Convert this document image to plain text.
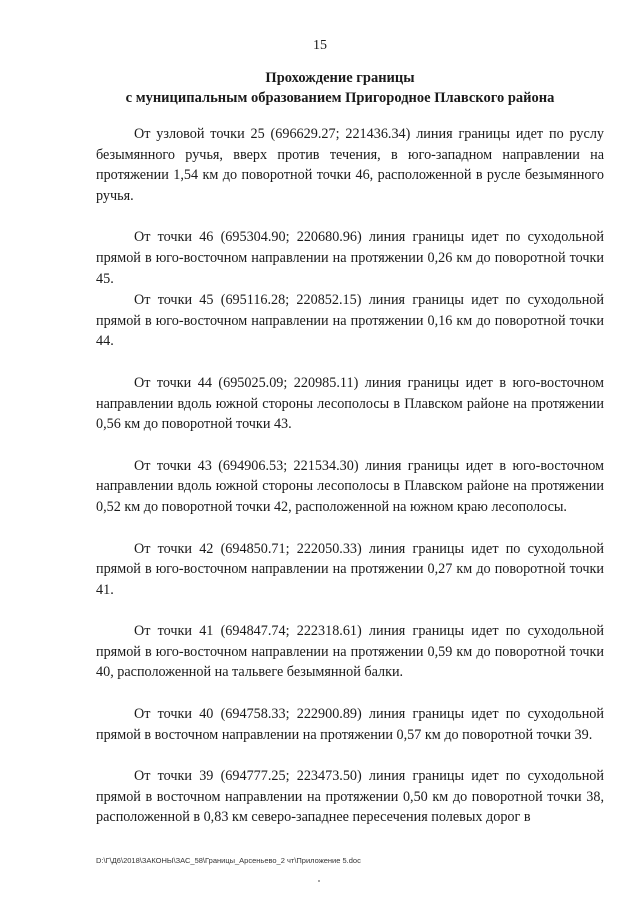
15
Прохождение границы
с муниципальным образованием Пригородное Плавского района

От узловой точки 25 (696629.27; 221436.34) линия границы идет по руслу безымянного ручья, вверх против течения, в юго-западном направлении на протяжении 1,54 км до поворотной точки 46, расположенной в русле безымянного ручья.

От точки 46 (695304.90; 220680.96) линия границы идет по суходольной прямой в юго-восточном направлении на протяжении 0,26 км до поворотной точки 45.

От точки 45 (695116.28; 220852.15) линия границы идет по суходольной прямой в юго-восточном направлении на протяжении 0,16 км до поворотной точки 44.

От точки 44 (695025.09; 220985.11) линия границы идет в юго-восточном направлении вдоль южной стороны лесополосы в Плавском районе на протяжении 0,56 км до поворотной точки 43.

От точки 43 (694906.53; 221534.30) линия границы идет в юго-восточном направлении вдоль южной стороны лесополосы в Плавском районе на протяжении 0,52 км до поворотной точки 42, расположенной на южном краю лесополосы.

От точки 42 (694850.71; 222050.33) линия границы идет по суходольной прямой в юго-восточном направлении на протяжении 0,27 км до поворотной точки 41.

От точки 41 (694847.74; 222318.61) линия границы идет по суходольной прямой в юго-восточном направлении на протяжении 0,59 км до поворотной точки 40, расположенной на тальвеге безымянной балки.

От точки 40 (694758.33; 222900.89) линия границы идет по суходольной прямой в восточном направлении на протяжении 0,57 км до поворотной точки 39.

От точки 39 (694777.25; 223473.50) линия границы идет по суходольной прямой в восточном направлении на протяжении 0,50 км до поворотной точки 38, расположенной в 0,83 км северо-западнее пересечения полевых дорог в

D:\Г\Д6\2018\ЗАКОНЫ\ЗАС_58\Границы_Арсеньево_2 чт\Приложение 5.doc
